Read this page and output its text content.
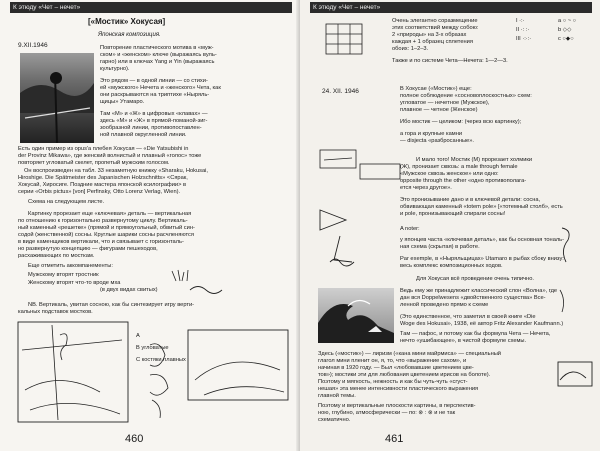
К этюду «Чет – нечет»
9.XII.1946
[«Мостик» Хокусая]
Японская композиция.
Повторение пластического мотива в «муж-
ском» и «женском» ключе (выражаясь вуль-
гарно) или в ключах Yang и Yin (выражаясь
культурно).
Это рядом — в одной линии — со стихи-
ей «мужского» Нечета и «женского» Чета, как
они раскрываются на триптихе «Ныряль-
щицы» Утамаро.
Там «M» и «Ж» в цифровых «клавах» —
здесь «M» и «Ж» в прямой-поманой-зиг-
зообразной линии, противопоставлен-
ной плавной округленной линии.
Есть один пример из opus'a плебея Хокусая — «Die Yatsubishi in
der Provinz Mikawa», где женский волнистый и плавный «голос» тоже
повторяет угловатый скелет, пропетый мужским голосом.
Он воспроизведен на табл. 33 незаметную книжку «Sharaku, Hokusai,
Hiroshige. Die Spätmeister des Japanischen Holzschnitts» <Сярак,
Хокусай, Хиросиге. Поздние мастера японской ксилографии> в
серии «Orbis pictus» [von] Perfinsky, Otto Lorenz Verlag, Wien).
Схема на следующем листе.
Картинку прорезает еще «ключевая» деталь — вертикальная
по отношению к горизонтально развернутому циклу. Вертикаль-
ный каменный «решетке» (прямой и прямоугольный, обвитый син-
содой (женственной) сосны. Круглые шарики сосны расчленяются
в виде каменщиков вертикали, что и связывает с горизонталь-
но развернутую концепцию — фигурами пешеходов,
расхаживающих по мосткам.
Еще отметить аккомпанементы:
Мужскому вторят тростник
Женскому вторят что-то вроде мха
(в двух видах свитых)
NB. Вертикаль, увитая сосною, как бы синтезирует игру верти-
кальных подставок мостков.
A
B угловатые
C костяки плавных
460
К этюду «Чет – нечет»
Очень элегантно соразмещение
этих соответствий между собою:
2 «природы» на 3-х образах
каждая + 1 образец сплетения
обоих: 1–2–3.
Также и по системе Чета—Нечета: 1—2—3.
I ·:·
II ·: :·
III ·:·:·
a ○ ~ ○
b ◇◇
c ○◆○
24. XII. 1946	В Хокусае («Мостик») еще:
полное соблюдение «сосновоплоскостных» схем:
угловатое — нечетное (Мужское),
плавное — четное (Женское)
Ибо мостик — целиком: (через всю картинку);
а гора и крупные камни
— disjecta «разбросанные».
И мало того! Мостик (M) прорезает холмики
(Ж), пронизает сквозь: a male through female
«Мужское сквозь женское» или одно:
opposite through the other «одно противополага-
ется через другое».
Это пронизывание дано и в ключевой детали: сосна,
обвивающая каменный «totem pole» [«тотемный столб», есть
и pole, пронизывающий спирали сосны!
A noter:
у японцев часта «ключевая деталь», как бы основная тональ-
ная схема (скрытая) в работе.
Par exemple, в «Ныряльщицах» Utamaro в рыбах сбоку внизу:
весь комплекс композиционных ходов.
Для Хокусая всё проведение очень типично.
Ведь ему же принадлежит классический слон «Волна», где
дан вся Doppelwesens «двойственного существа» Все-
ленной проведено прямо к схеме
(Это единственное, что заметил в своей книге «Die
Woge des Hokusai», 1938, её автор Fritz Alexander Kaufmann.)
Там — пафос, и потому как бы формула Чета — Нечета,
нечто «ушибающее», в чистой формуле схемы.
Здесь («мостик») — лиризм («кана мини майрмиса» — специальный
глагол мини пленит он, я, то, что «выражение сахом», и
начиная в 1920 году. — Был «любовавшие цветением цве-
тов»); мостики эти для любования цветением ирисов на болоте).
Поэтому и мягкость, нежность и как бы чуть-чуть «сгуст-
нешая» эта менее интенсивности пластического выражения
главной темы.
Поэтому и вертикальные плоскости картины, в перспектив-
ною, глубино, атмосферически — по: ⊗ : ⊗ и не так
схематично.
461
